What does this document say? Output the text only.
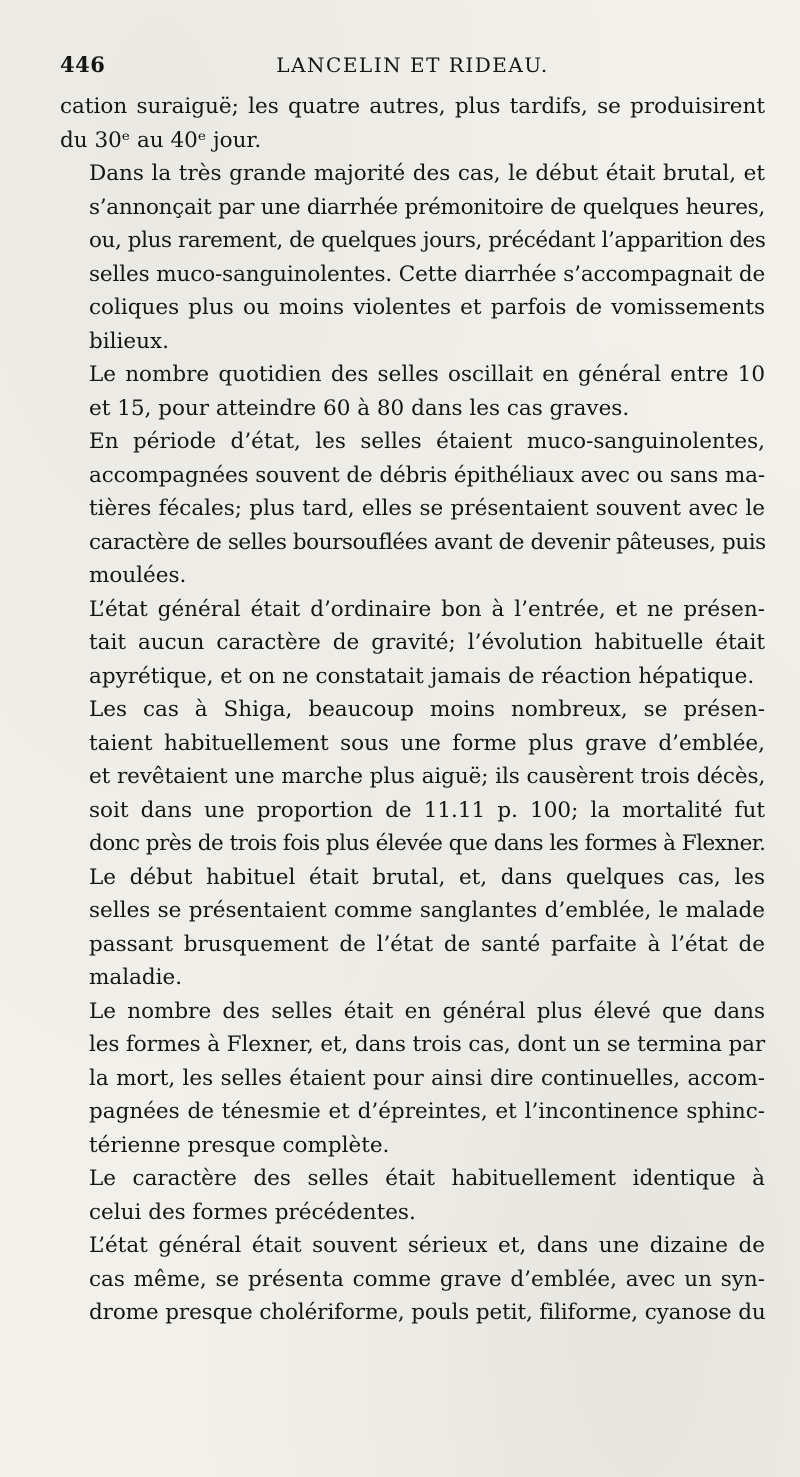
446	LANCELIN ET RIDEAU.

cation suraiguë; les quatre autres, plus tardifs, se produisirent
du 30ᵉ au 40ᵉ jour.

Dans la très grande majorité des cas, le début était brutal, et
s’annonçait par une diarrhée prémonitoire de quelques heures,
ou, plus rarement, de quelques jours, précédant l’apparition des
selles muco-sanguinolentes. Cette diarrhée s’accompagnait de
coliques plus ou moins violentes et parfois de vomissements
bilieux.

Le nombre quotidien des selles oscillait en général entre 10
et 15, pour atteindre 60 à 80 dans les cas graves.

En période d’état, les selles étaient muco-sanguinolentes,
accompagnées souvent de débris épithéliaux avec ou sans ma-
tières fécales; plus tard, elles se présentaient souvent avec le
caractère de selles boursouflées avant de devenir pâteuses, puis
moulées.

L’état général était d’ordinaire bon à l’entrée, et ne présen-
tait aucun caractère de gravité; l’évolution habituelle était
apyrétique, et on ne constatait jamais de réaction hépatique.

Les cas à Shiga, beaucoup moins nombreux, se présen-
taient habituellement sous une forme plus grave d’emblée,
et revêtaient une marche plus aiguë; ils causèrent trois décès,
soit dans une proportion de 11.11 p. 100; la mortalité fut
donc près de trois fois plus élevée que dans les formes à Flexner.

Le début habituel était brutal, et, dans quelques cas, les
selles se présentaient comme sanglantes d’emblée, le malade
passant brusquement de l’état de santé parfaite à l’état de
maladie.

Le nombre des selles était en général plus élevé que dans
les formes à Flexner, et, dans trois cas, dont un se termina par
la mort, les selles étaient pour ainsi dire continuelles, accom-
pagnées de ténesmie et d’épreintes, et l’incontinence sphinc-
térienne presque complète.

Le caractère des selles était habituellement identique à
celui des formes précédentes.

L’état général était souvent sérieux et, dans une dizaine de
cas même, se présenta comme grave d’emblée, avec un syn-
drome presque cholériforme, pouls petit, filiforme, cyanose du
